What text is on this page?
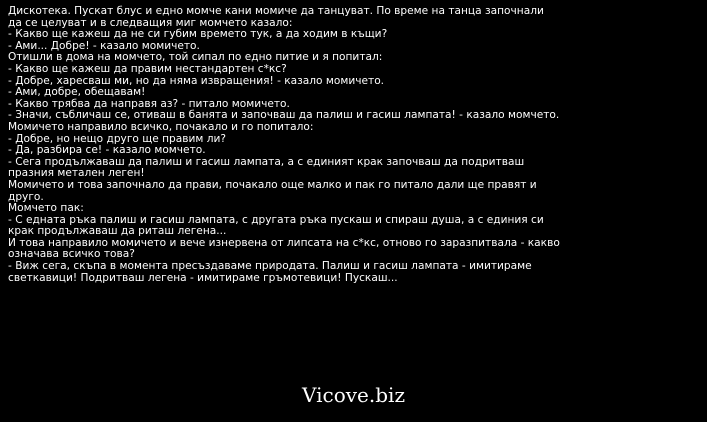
Дискотека. Пускат блус и едно момче кани момиче да танцуват. По време на танца започнали
да се целуват и в следващия миг момчето казало:
- Какво ще кажеш да не си губим времето тук, а да ходим в къщи?
- Ами... Добре! - казало момичето.
Отишли в дома на момчето, той сипал по едно питие и я попитал:
- Какво ще кажеш да правим нестандартен с*кс?
- Добре, харесваш ми, но да няма извращения! - казало момичето.
- Ами, добре, обещавам!
- Какво трябва да направя аз? - питало момичето.
- Значи, събличаш се, отиваш в банята и започваш да палиш и гасиш лампата! - казало момчето.
Момичето направило всичко, почакало и го попитало:
- Добре, но нещо друго ще правим ли?
- Да, разбира се! - казало момчето.
- Сега продължаваш да палиш и гасиш лампата, а с единият крак започваш да подритваш
празния метален леген!
Момичето и това започнало да прави, почакало още малко и пак го питало дали ще правят и
друго.
Момчето пак:
- С едната ръка палиш и гасиш лампата, с другата ръка пускаш и спираш душа, а с единия си
крак продължаваш да риташ легена...
И това направило момичето и вече изнервена от липсата на с*кс, отново го заразпитвала - какво
означава всичко това?
- Виж сега, скъпа в момента пресъздаваме природата. Палиш и гасиш лампата - имитираме
светкавици! Подритваш легена - имитираме гръмотевици! Пускаш...
Vicove.biz
